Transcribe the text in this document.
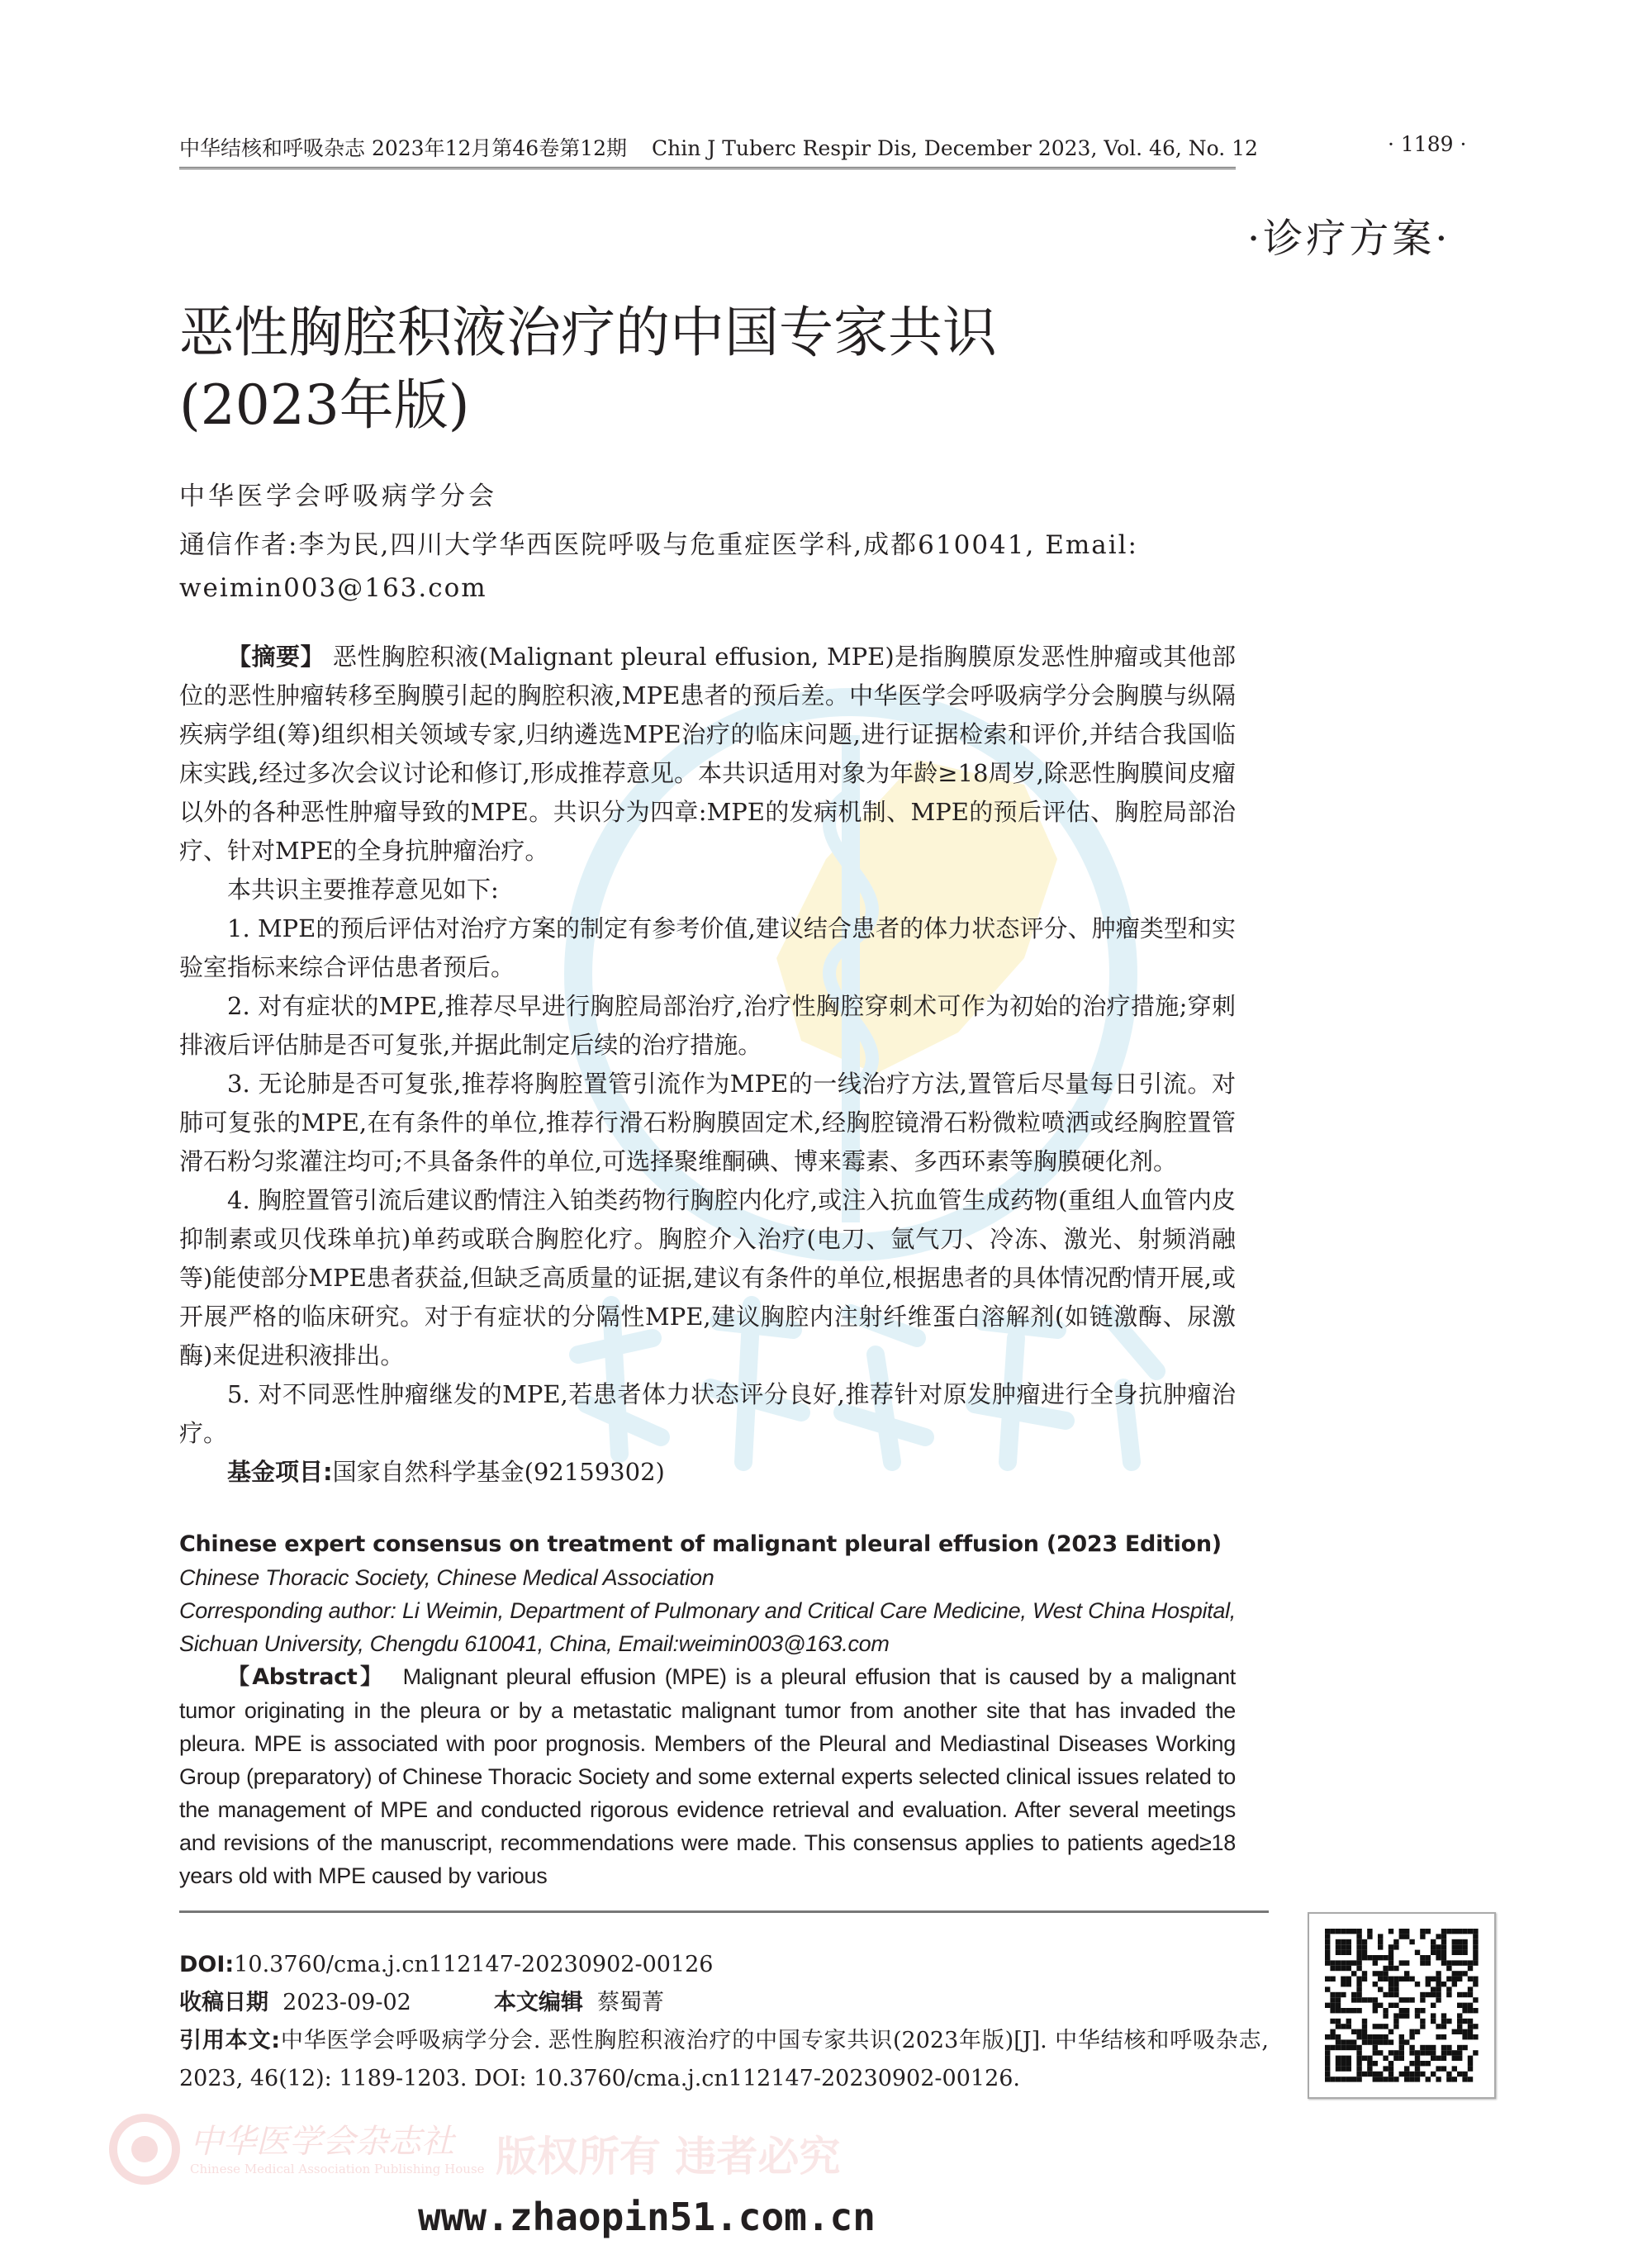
中华结核和呼吸杂志 2023年12月第46卷第12期 Chin J Tuberc Respir Dis, December 2023, Vol. 46, No. 12	· 1189 ·
·诊疗方案·
恶性胸腔积液治疗的中国专家共识
(2023年版)
中华医学会呼吸病学分会
通信作者:李为民,四川大学华西医院呼吸与危重症医学科,成都610041, Email: weimin003@163.com

【摘要】 恶性胸腔积液(Malignant pleural effusion, MPE)是指胸膜原发恶性肿瘤或其他部位的恶性肿瘤转移至胸膜引起的胸腔积液,MPE患者的预后差。中华医学会呼吸病学分会胸膜与纵隔疾病学组(筹)组织相关领域专家,归纳遴选MPE治疗的临床问题,进行证据检索和评价,并结合我国临床实践,经过多次会议讨论和修订,形成推荐意见。本共识适用对象为年龄≥18周岁,除恶性胸膜间皮瘤以外的各种恶性肿瘤导致的MPE。共识分为四章:MPE的发病机制、MPE的预后评估、胸腔局部治疗、针对MPE的全身抗肿瘤治疗。

本共识主要推荐意见如下:

1. MPE的预后评估对治疗方案的制定有参考价值,建议结合患者的体力状态评分、肿瘤类型和实验室指标来综合评估患者预后。

2. 对有症状的MPE,推荐尽早进行胸腔局部治疗,治疗性胸腔穿刺术可作为初始的治疗措施;穿刺排液后评估肺是否可复张,并据此制定后续的治疗措施。

3. 无论肺是否可复张,推荐将胸腔置管引流作为MPE的一线治疗方法,置管后尽量每日引流。对肺可复张的MPE,在有条件的单位,推荐行滑石粉胸膜固定术,经胸腔镜滑石粉微粒喷洒或经胸腔置管滑石粉匀浆灌注均可;不具备条件的单位,可选择聚维酮碘、博来霉素、多西环素等胸膜硬化剂。

4. 胸腔置管引流后建议酌情注入铂类药物行胸腔内化疗,或注入抗血管生成药物(重组人血管内皮抑制素或贝伐珠单抗)单药或联合胸腔化疗。胸腔介入治疗(电刀、氩气刀、冷冻、激光、射频消融等)能使部分MPE患者获益,但缺乏高质量的证据,建议有条件的单位,根据患者的具体情况酌情开展,或开展严格的临床研究。对于有症状的分隔性MPE,建议胸腔内注射纤维蛋白溶解剂(如链激酶、尿激酶)来促进积液排出。

5. 对不同恶性肿瘤继发的MPE,若患者体力状态评分良好,推荐针对原发肿瘤进行全身抗肿瘤治疗。

基金项目:国家自然科学基金(92159302)

Chinese expert consensus on treatment of malignant pleural effusion (2023 Edition)

Chinese Thoracic Society, Chinese Medical Association

Corresponding author: Li Weimin, Department of Pulmonary and Critical Care Medicine, West China Hospital, Sichuan University, Chengdu 610041, China, Email:weimin003@163.com

【Abstract】 Malignant pleural effusion (MPE) is a pleural effusion that is caused by a malignant tumor originating in the pleura or by a metastatic malignant tumor from another site that has invaded the pleura. MPE is associated with poor prognosis. Members of the Pleural and Mediastinal Diseases Working Group (preparatory) of Chinese Thoracic Society and some external experts selected clinical issues related to the management of MPE and conducted rigorous evidence retrieval and evaluation. After several meetings and revisions of the manuscript, recommendations were made. This consensus applies to patients aged≥18 years old with MPE caused by various

DOI:10.3760/cma.j.cn112147-20230902-00126

收稿日期 2023-09-02	本文编辑 蔡蜀菁

引用本文:中华医学会呼吸病学分会. 恶性胸腔积液治疗的中国专家共识(2023年版)[J]. 中华结核和呼吸杂志, 2023, 46(12): 1189-1203. DOI: 10.3760/cma.j.cn112147-20230902-00126.

中华医学会杂志社
Chinese Medical Association Publishing House 版权所有 违者必究
www.zhaopin51.com.cn
